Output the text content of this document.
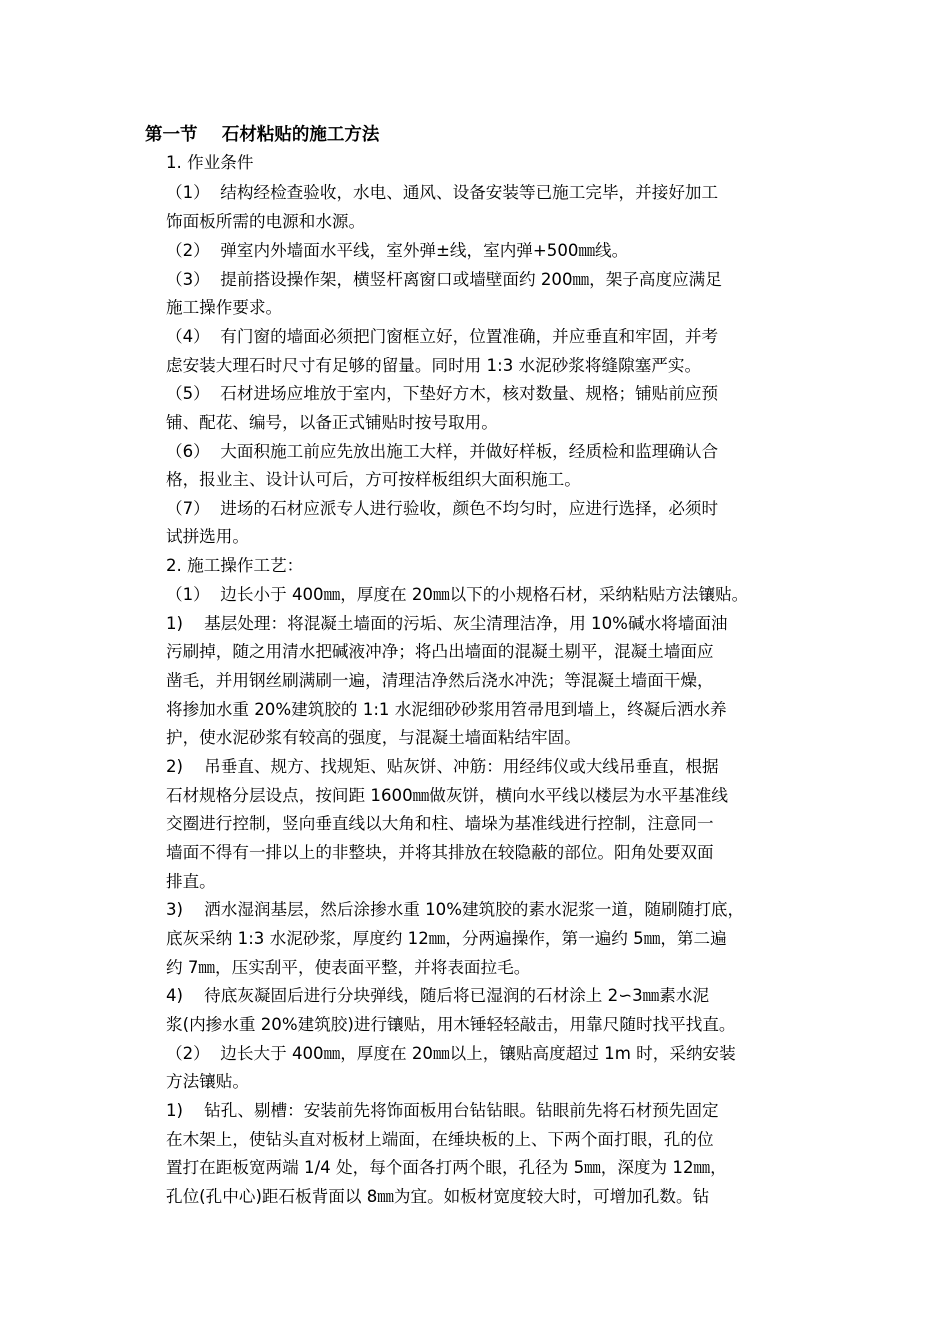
第一节    石材粘贴的施工方法
1. 作业条件
（1）  结构经检查验收，水电、通风、设备安装等已施工完毕，并接好加工
饰面板所需的电源和水源。
（2）  弹室内外墙面水平线，室外弹±线，室内弹+500㎜线。
（3）  提前搭设操作架，横竖杆离窗口或墙壁面约 200㎜，架子高度应满足
施工操作要求。
（4）  有门窗的墙面必须把门窗框立好，位置准确，并应垂直和牢固，并考
虑安装大理石时尺寸有足够的留量。同时用 1:3 水泥砂浆将缝隙塞严实。
（5）  石材进场应堆放于室内，下垫好方木，核对数量、规格；铺贴前应预
铺、配花、编号，以备正式铺贴时按号取用。
（6）  大面积施工前应先放出施工大样，并做好样板，经质检和监理确认合
格，报业主、设计认可后，方可按样板组织大面积施工。
（7）  进场的石材应派专人进行验收，颜色不均匀时，应进行选择，必须时
试拼选用。
2. 施工操作工艺：
（1）  边长小于 400㎜，厚度在 20㎜以下的小规格石材，采纳粘贴方法镶贴。
1)    基层处理：将混凝土墙面的污垢、灰尘清理洁净，用 10%碱水将墙面油
污刷掉，随之用清水把碱液冲净；将凸出墙面的混凝土剔平，混凝土墙面应
凿毛，并用钢丝刷满刷一遍，清理洁净然后浇水冲洗；等混凝土墙面干燥，
将掺加水重 20%建筑胶的 1:1 水泥细砂砂浆用笤帚甩到墙上，终凝后洒水养
护，使水泥砂浆有较高的强度，与混凝土墙面粘结牢固。
2)    吊垂直、规方、找规矩、贴灰饼、冲筋：用经纬仪或大线吊垂直，根据
石材规格分层设点，按间距 1600㎜做灰饼，横向水平线以楼层为水平基准线
交圈进行控制，竖向垂直线以大角和柱、墙垛为基准线进行控制，注意同一
墙面不得有一排以上的非整块，并将其排放在较隐蔽的部位。阳角处要双面
排直。
3)    洒水湿润基层，然后涂掺水重 10%建筑胶的素水泥浆一道，随刷随打底，
底灰采纳 1:3 水泥砂浆，厚度约 12㎜，分两遍操作，第一遍约 5㎜，第二遍
约 7㎜，压实刮平，使表面平整，并将表面拉毛。
4)    待底灰凝固后进行分块弹线，随后将已湿润的石材涂上 2∽3㎜素水泥
浆(内掺水重 20%建筑胶)进行镶贴，用木锤轻轻敲击，用靠尺随时找平找直。
（2）  边长大于 400㎜，厚度在 20㎜以上，镶贴高度超过 1m 时，采纳安装
方法镶贴。
1)    钻孔、剔槽：安装前先将饰面板用台钻钻眼。钻眼前先将石材预先固定
在木架上，使钻头直对板材上端面，在缍块板的上、下两个面打眼，孔的位
置打在距板宽两端 1/4 处，每个面各打两个眼，孔径为 5㎜，深度为 12㎜，
孔位(孔中心)距石板背面以 8㎜为宜。如板材宽度较大时，可增加孔数。钻
